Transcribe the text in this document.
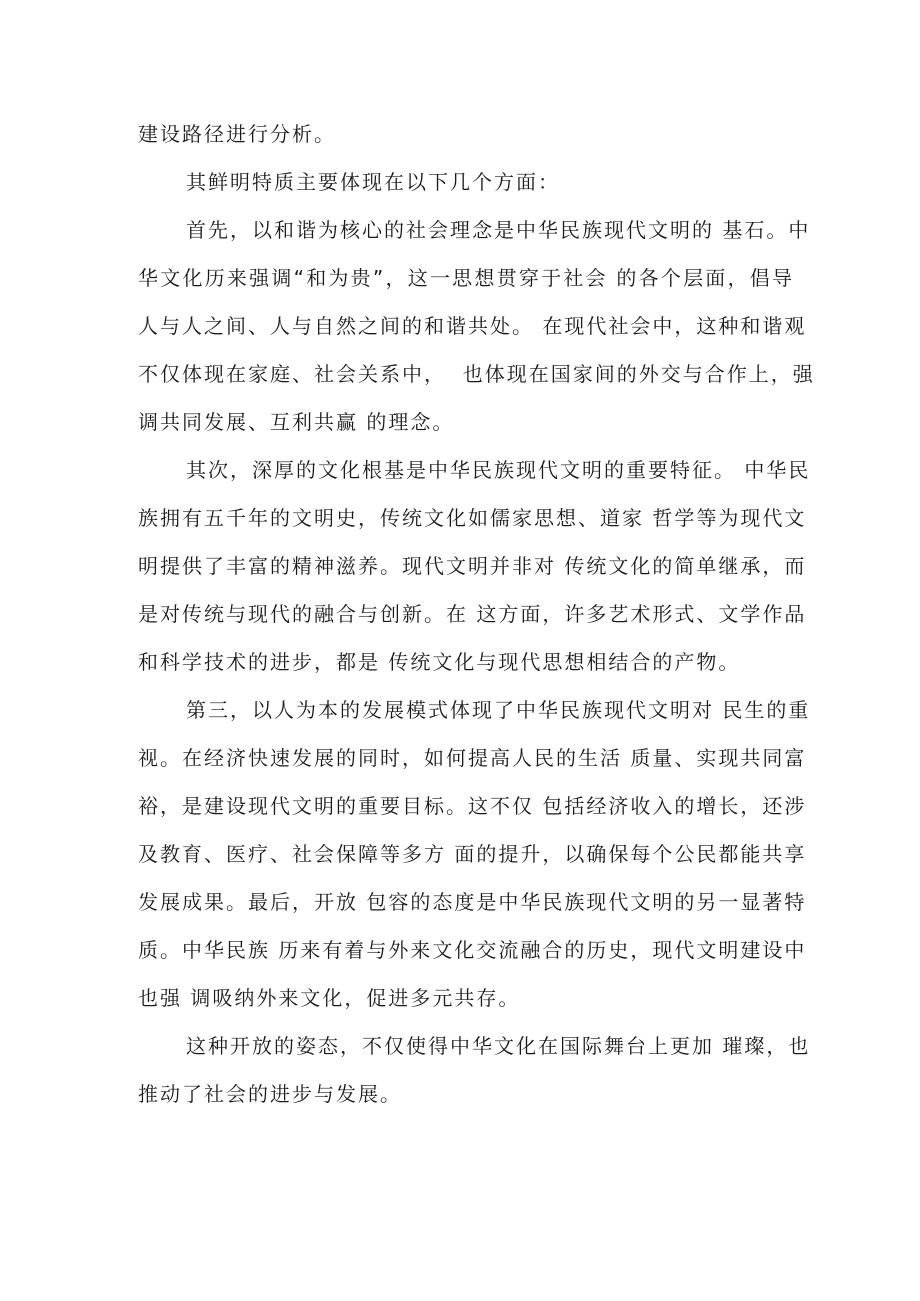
建设路径进行分析。
其鲜明特质主要体现在以下几个方面：
首先，以和谐为核心的社会理念是中华民族现代文明的 基石。中
华文化历来强调“和为贵”，这一思想贯穿于社会 的各个层面，倡导
人与人之间、人与自然之间的和谐共处。 在现代社会中，这种和谐观
不仅体现在家庭、社会关系中，  也体现在国家间的外交与合作上，强
调共同发展、互利共赢 的理念。
其次，深厚的文化根基是中华民族现代文明的重要特征。 中华民
族拥有五千年的文明史，传统文化如儒家思想、道家 哲学等为现代文
明提供了丰富的精神滋养。现代文明并非对 传统文化的简单继承，而
是对传统与现代的融合与创新。在 这方面，许多艺术形式、文学作品
和科学技术的进步，都是 传统文化与现代思想相结合的产物。
第三，以人为本的发展模式体现了中华民族现代文明对 民生的重
视。在经济快速发展的同时，如何提高人民的生活 质量、实现共同富
裕，是建设现代文明的重要目标。这不仅 包括经济收入的增长，还涉
及教育、医疗、社会保障等多方 面的提升，以确保每个公民都能共享
发展成果。最后，开放 包容的态度是中华民族现代文明的另一显著特
质。中华民族 历来有着与外来文化交流融合的历史，现代文明建设中
也强 调吸纳外来文化，促进多元共存。
这种开放的姿态，不仅使得中华文化在国际舞台上更加 璀璨，也
推动了社会的进步与发展。
